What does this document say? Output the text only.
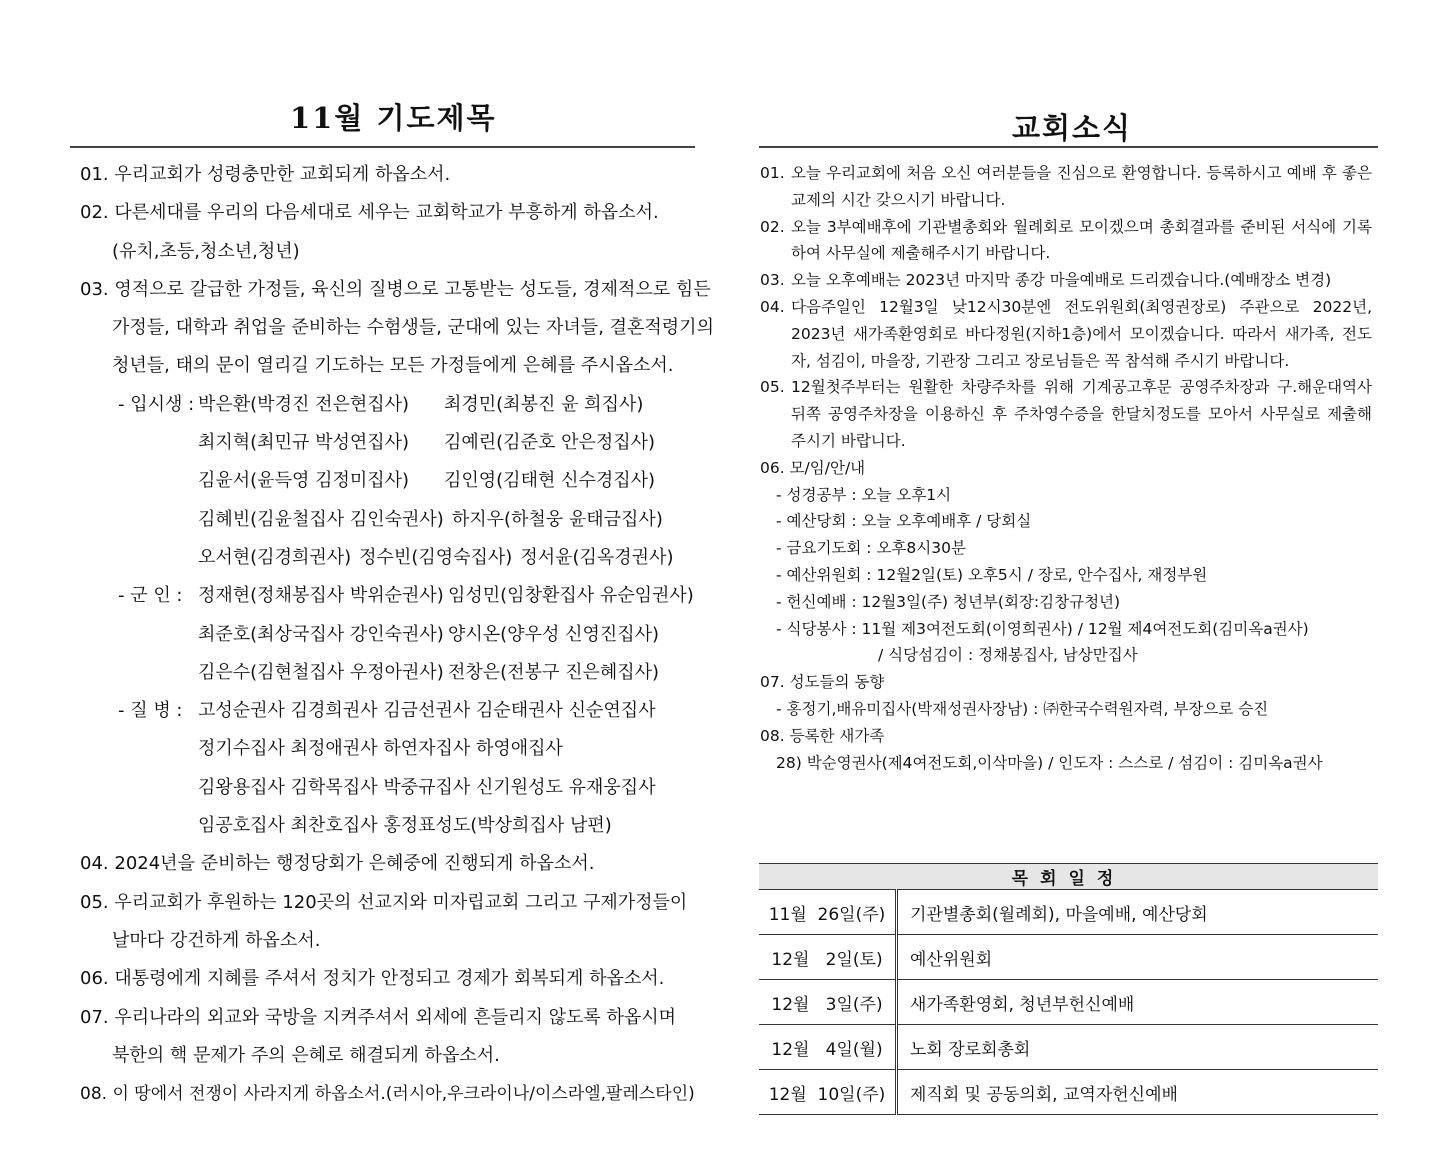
11월 기도제목
01. 우리교회가 성령충만한 교회되게 하옵소서.
02. 다른세대를 우리의 다음세대로 세우는 교회학교가 부흥하게 하옵소서.
(유치,초등,청소년,청년)
03. 영적으로 갈급한 가정들, 육신의 질병으로 고통받는 성도들, 경제적으로 힘든
가정들, 대학과 취업을 준비하는 수험생들, 군대에 있는 자녀들, 결혼적령기의
청년들, 태의 문이 열리길 기도하는 모든 가정들에게 은혜를 주시옵소서.
- 입시생 : 박은환(박경진 전은현집사)	최경민(최봉진 윤 희집사)
최지혁(최민규 박성연집사)	김예린(김준호 안은정집사)
김윤서(윤득영 김정미집사)	김인영(김태현 신수경집사)
김혜빈(김윤철집사 김인숙권사) 하지우(하철웅 윤태금집사)
오서현(김경희권사) 정수빈(김영숙집사) 정서윤(김옥경권사)
- 군 인 : 정재현(정채봉집사 박위순권사) 임성민(임창환집사 유순임권사)
최준호(최상국집사 강인숙권사) 양시온(양우성 신영진집사)
김은수(김현철집사 우정아권사) 전창은(전봉구 진은혜집사)
- 질 병 : 고성순권사 김경희권사 김금선권사 김순태권사 신순연집사
정기수집사 최정애권사 하연자집사 하영애집사
김왕용집사 김학목집사 박중규집사 신기원성도 유재웅집사
임공호집사 최찬호집사 홍정표성도(박상희집사 남편)
04. 2024년을 준비하는 행정당회가 은혜중에 진행되게 하옵소서.
05. 우리교회가 후원하는 120곳의 선교지와 미자립교회 그리고 구제가정들이
날마다 강건하게 하옵소서.
06. 대통령에게 지혜를 주셔서 정치가 안정되고 경제가 회복되게 하옵소서.
07. 우리나라의 외교와 국방을 지켜주셔서 외세에 흔들리지 않도록 하옵시며
북한의 핵 문제가 주의 은혜로 해결되게 하옵소서.
08. 이 땅에서 전쟁이 사라지게 하옵소서.(러시아,우크라이나/이스라엘,팔레스타인)
교회소식
01. 오늘 우리교회에 처음 오신 여러분들을 진심으로 환영합니다. 등록하시고 예배 후 좋은교제의 시간 갖으시기 바랍니다.
02. 오늘 3부예배후에 기관별총회와 월례회로 모이겠으며 총회결과를 준비된 서식에 기록하여 사무실에 제출해주시기 바랍니다.
03. 오늘 오후예배는 2023년 마지막 종강 마을예배로 드리겠습니다.(예배장소 변경)
04. 다음주일인 12월3일 낮12시30분엔 전도위원회(최영권장로) 주관으로 2022년, 2023년 새가족환영회로 바다정원(지하1층)에서 모이겠습니다. 따라서 새가족, 전도자, 섬김이, 마을장, 기관장 그리고 장로님들은 꼭 참석해 주시기 바랍니다.
05. 12월첫주부터는 원활한 차량주차를 위해 기계공고후문 공영주차장과 구.해운대역사 뒤쪽 공영주차장을 이용하신 후 주차영수증을 한달치정도를 모아서 사무실로 제출해 주시기 바랍니다.
06. 모/임/안/내
- 성경공부 : 오늘 오후1시
- 예산당회 : 오늘 오후예배후 / 당회실
- 금요기도회 : 오후8시30분
- 예산위원회 : 12월2일(토) 오후5시 / 장로, 안수집사, 재정부원
- 헌신예배 : 12월3일(주) 청년부(회장:김창규청년)
- 식당봉사 : 11월 제3여전도회(이영희권사) / 12월 제4여전도회(김미옥a권사)
/ 식당섬김이 : 정채봉집사, 남상만집사
07. 성도들의 동향
- 홍정기,배유미집사(박재성권사장남) : ㈜한국수력원자력, 부장으로 승진
08. 등록한 새가족
28) 박순영권사(제4여전도회,이삭마을) / 인도자 : 스스로 / 섬김이 : 김미옥a권사
목회일정	
11월  26일(주)	기관별총회(월례회), 마을예배, 예산당회
12월   2일(토)	예산위원회
12월   3일(주)	새가족환영회, 청년부헌신예배
12월   4일(월)	노회 장로회총회
12월  10일(주)	제직회 및 공동의회, 교역자헌신예배
